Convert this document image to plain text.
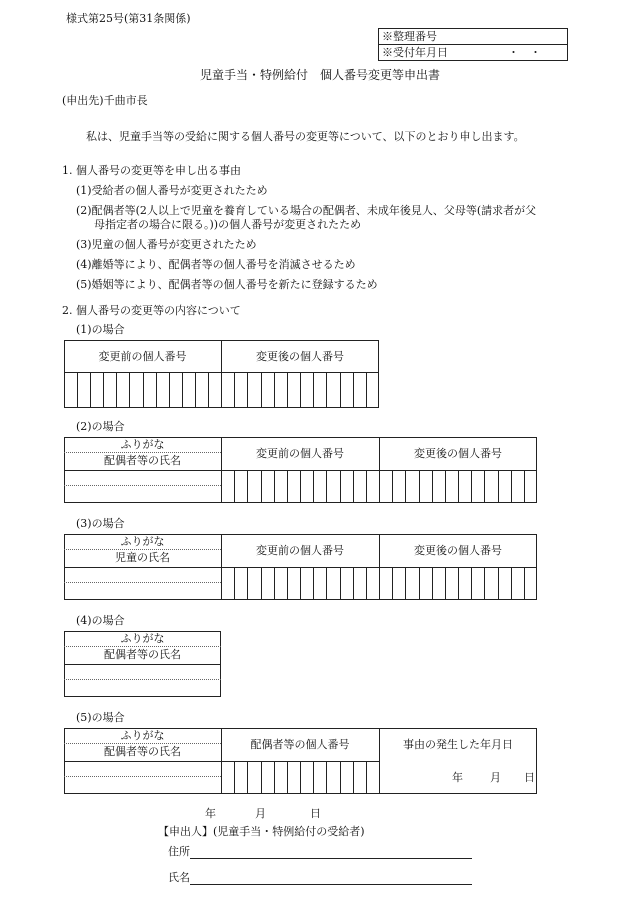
様式第25号(第31条関係)
※整理番号
※受付年月日	・　・
児童手当・特例給付　個人番号変更等申出書
(申出先)千曲市長
私は、児童手当等の受給に関する個人番号の変更等について、以下のとおり申し出ます。
1. 個人番号の変更等を申し出る事由
(1)受給者の個人番号が変更されたため
(2)配偶者等(2人以上で児童を養育している場合の配偶者、未成年後見人、父母等(請求者が父
母指定者の場合に限る。))の個人番号が変更されたため
(3)児童の個人番号が変更されたため
(4)離婚等により、配偶者等の個人番号を消滅させるため
(5)婚姻等により、配偶者等の個人番号を新たに登録するため
2. 個人番号の変更等の内容について
(1)の場合
変更前の個人番号	変更後の個人番号
(2)の場合
ふりがな
配偶者等の氏名
変更前の個人番号	変更後の個人番号
(3)の場合
ふりがな
児童の氏名
変更前の個人番号	変更後の個人番号
(4)の場合
ふりがな
配偶者等の氏名
(5)の場合
ふりがな
配偶者等の氏名
配偶者等の個人番号	事由の発生した年月日
年 月 日
年	月	日
【申出人】(児童手当・特例給付の受給者)
住所
氏名
